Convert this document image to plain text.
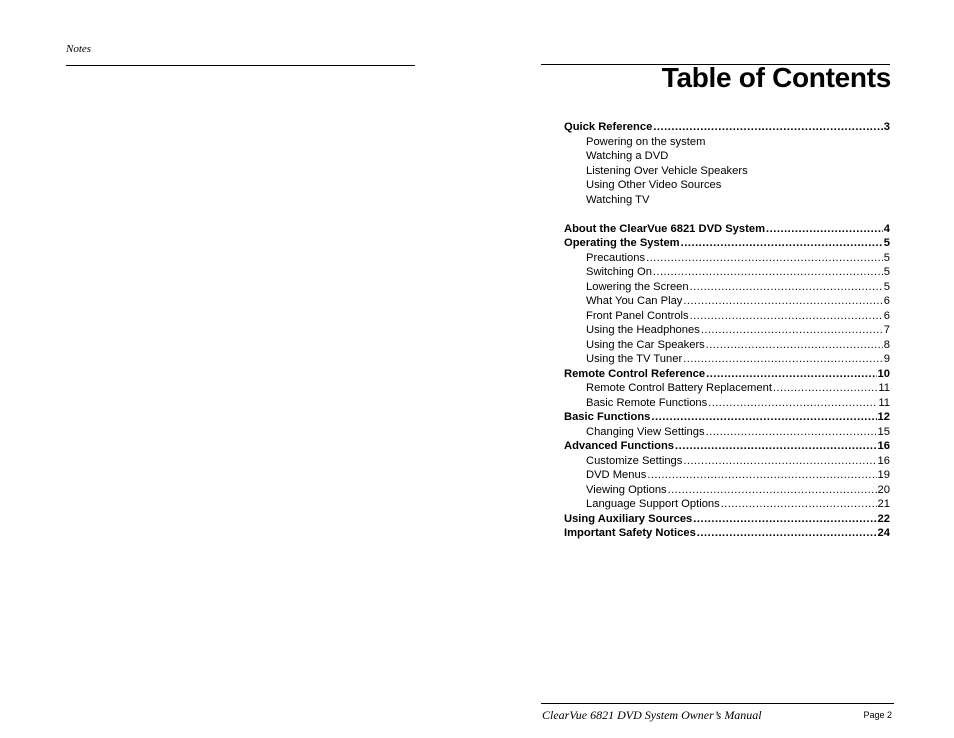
Notes
Table of Contents
Quick Reference .....	3
Powering on the system
Watching a DVD
Listening Over Vehicle Speakers
Using Other Video Sources
Watching TV
About the ClearVue 6821 DVD System .....	4
Operating the System .....	5
Precautions .....	5
Switching On .....	5
Lowering the Screen .....	5
What You Can Play .....	6
Front Panel Controls .....	6
Using the Headphones .....	7
Using the Car Speakers .....	8
Using the TV Tuner .....	9
Remote Control Reference .....	10
Remote Control Battery Replacement .....	11
Basic Remote Functions .....	11
Basic Functions .....	12
Changing View Settings .....	15
Advanced Functions .....	16
Customize Settings .....	16
DVD Menus .....	19
Viewing Options .....	20
Language Support Options .....	21
Using Auxiliary Sources .....	22
Important Safety Notices .....	24
ClearVue 6821 DVD System Owner’s Manual	Page 2
